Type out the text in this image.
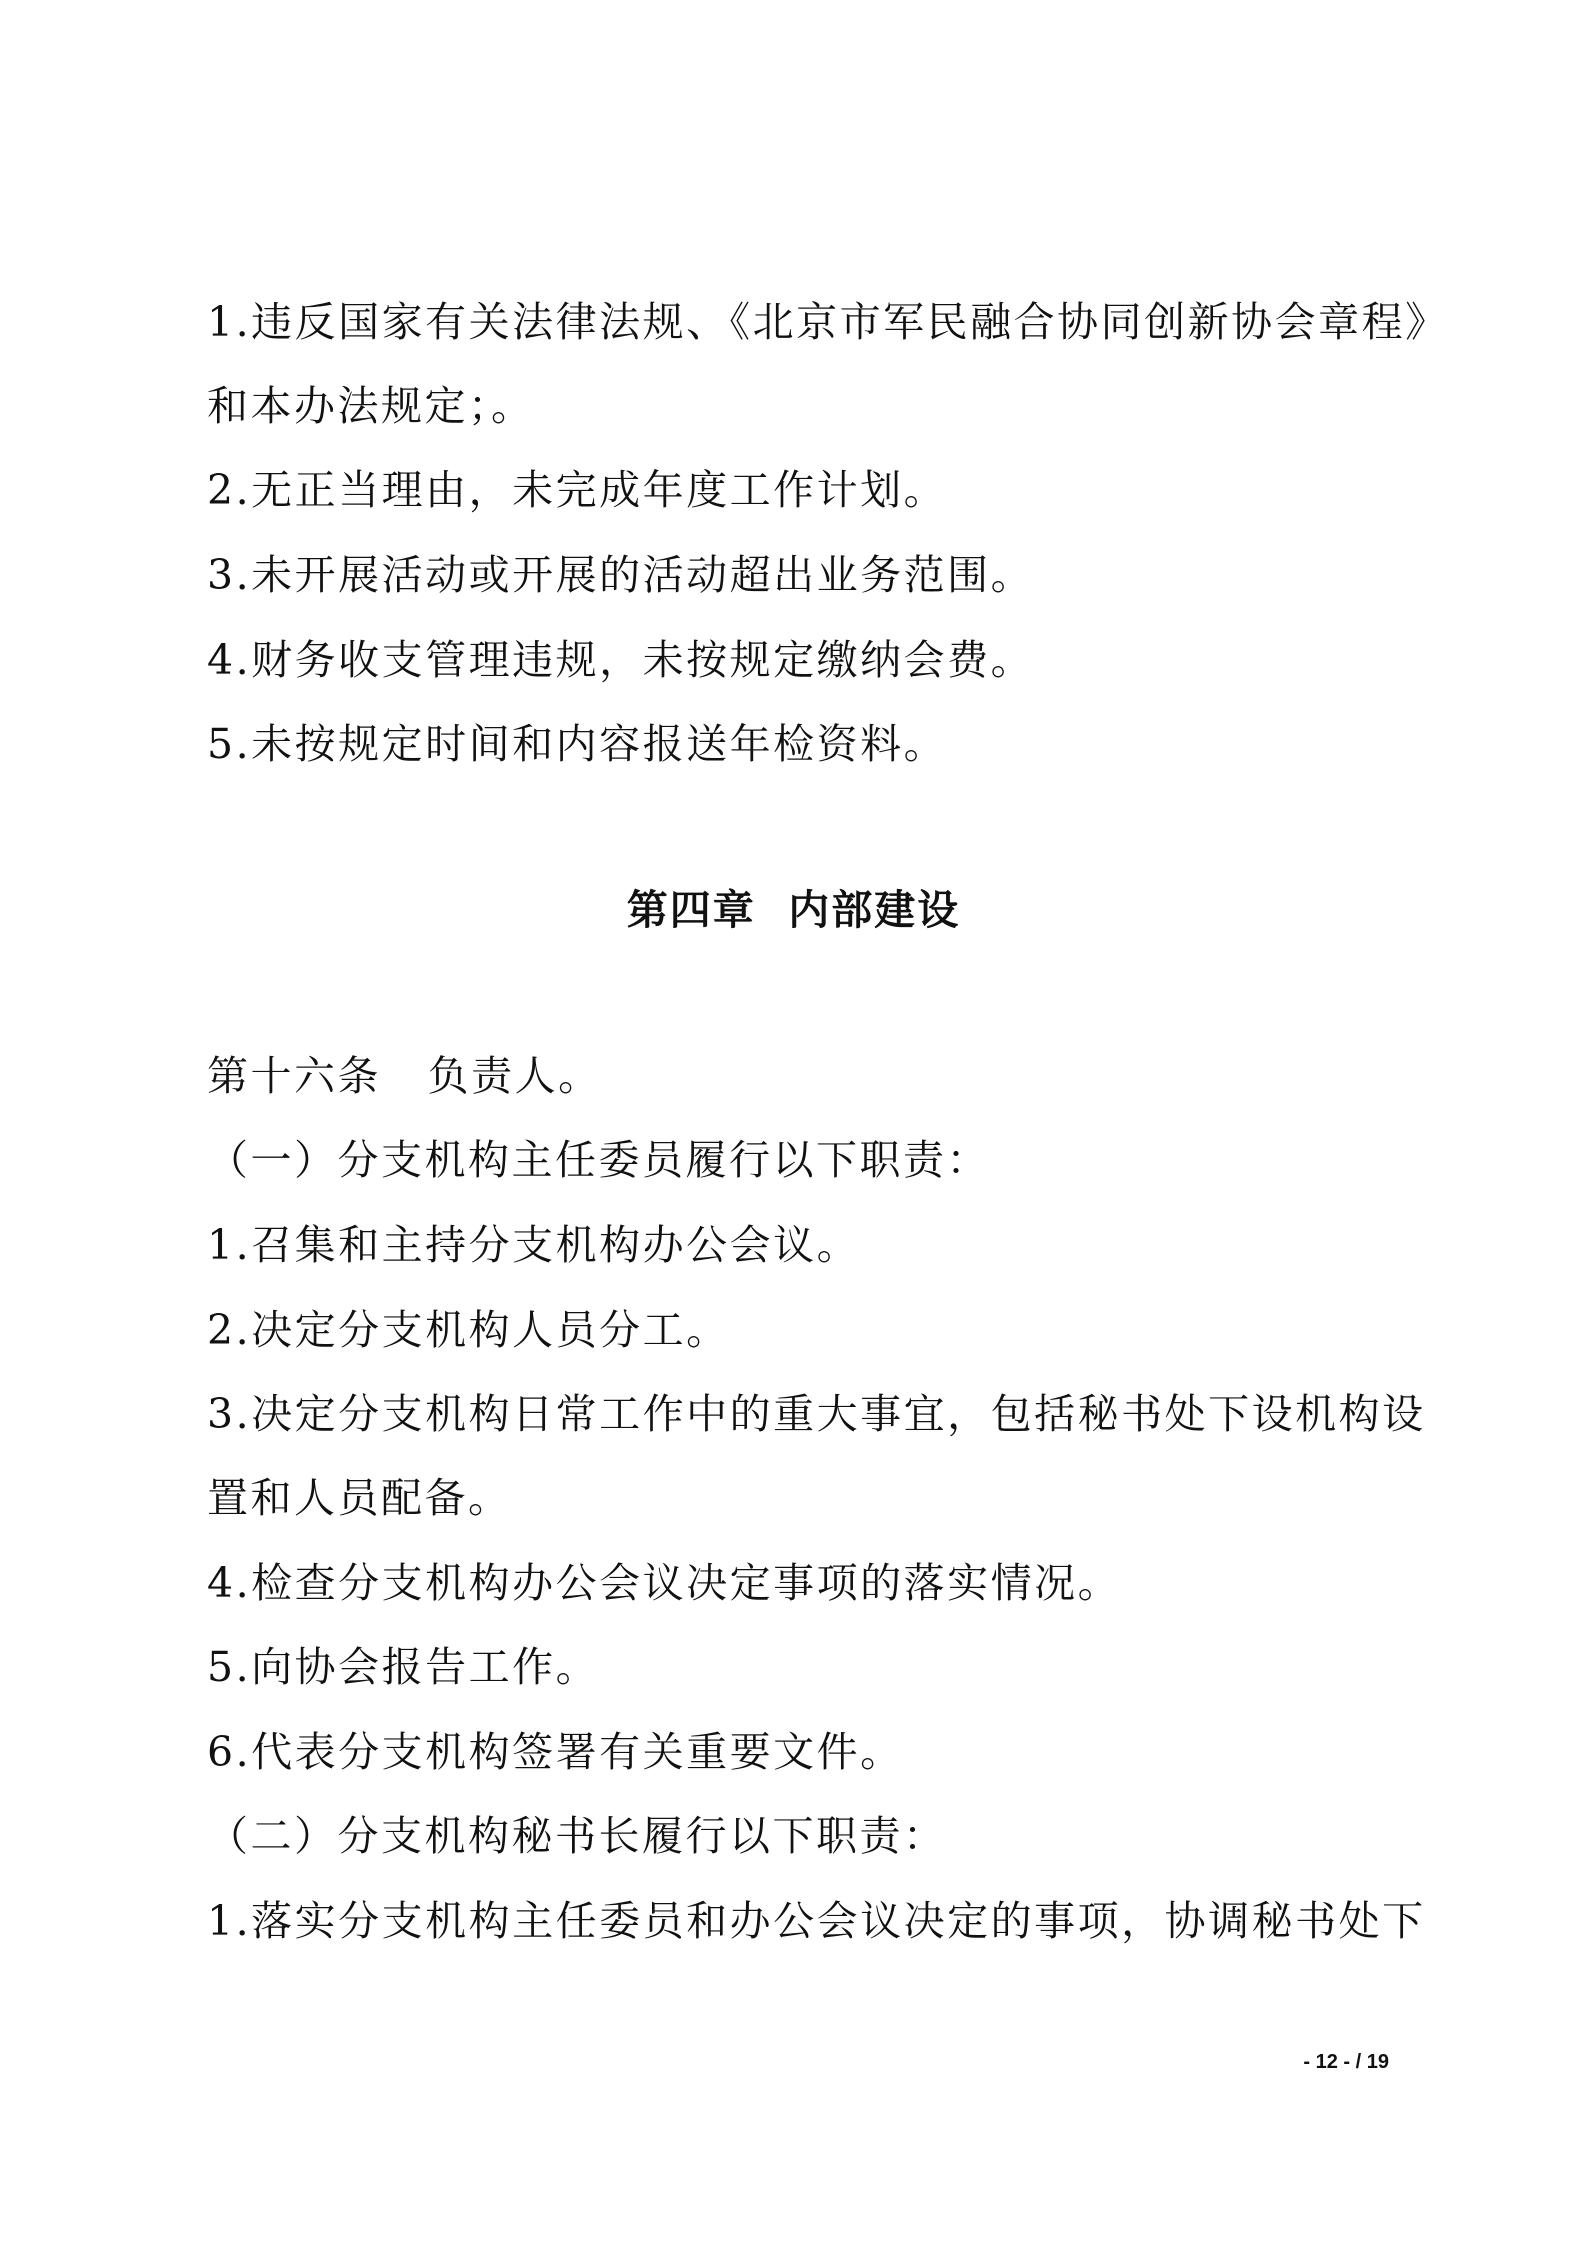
1.违反国家有关法律法规、《北京市军民融合协同创新协会章程》
和本办法规定；。
2.无正当理由，未完成年度工作计划。
3.未开展活动或开展的活动超出业务范围。
4.财务收支管理违规，未按规定缴纳会费。
5.未按规定时间和内容报送年检资料。
第四章  内部建设
第十六条   负责人。
（一）分支机构主任委员履行以下职责：
1.召集和主持分支机构办公会议。
2.决定分支机构人员分工。
3.决定分支机构日常工作中的重大事宜，包括秘书处下设机构设
置和人员配备。
4.检查分支机构办公会议决定事项的落实情况。
5.向协会报告工作。
6.代表分支机构签署有关重要文件。
（二）分支机构秘书长履行以下职责：
1.落实分支机构主任委员和办公会议决定的事项，协调秘书处下
- 12 - / 19
